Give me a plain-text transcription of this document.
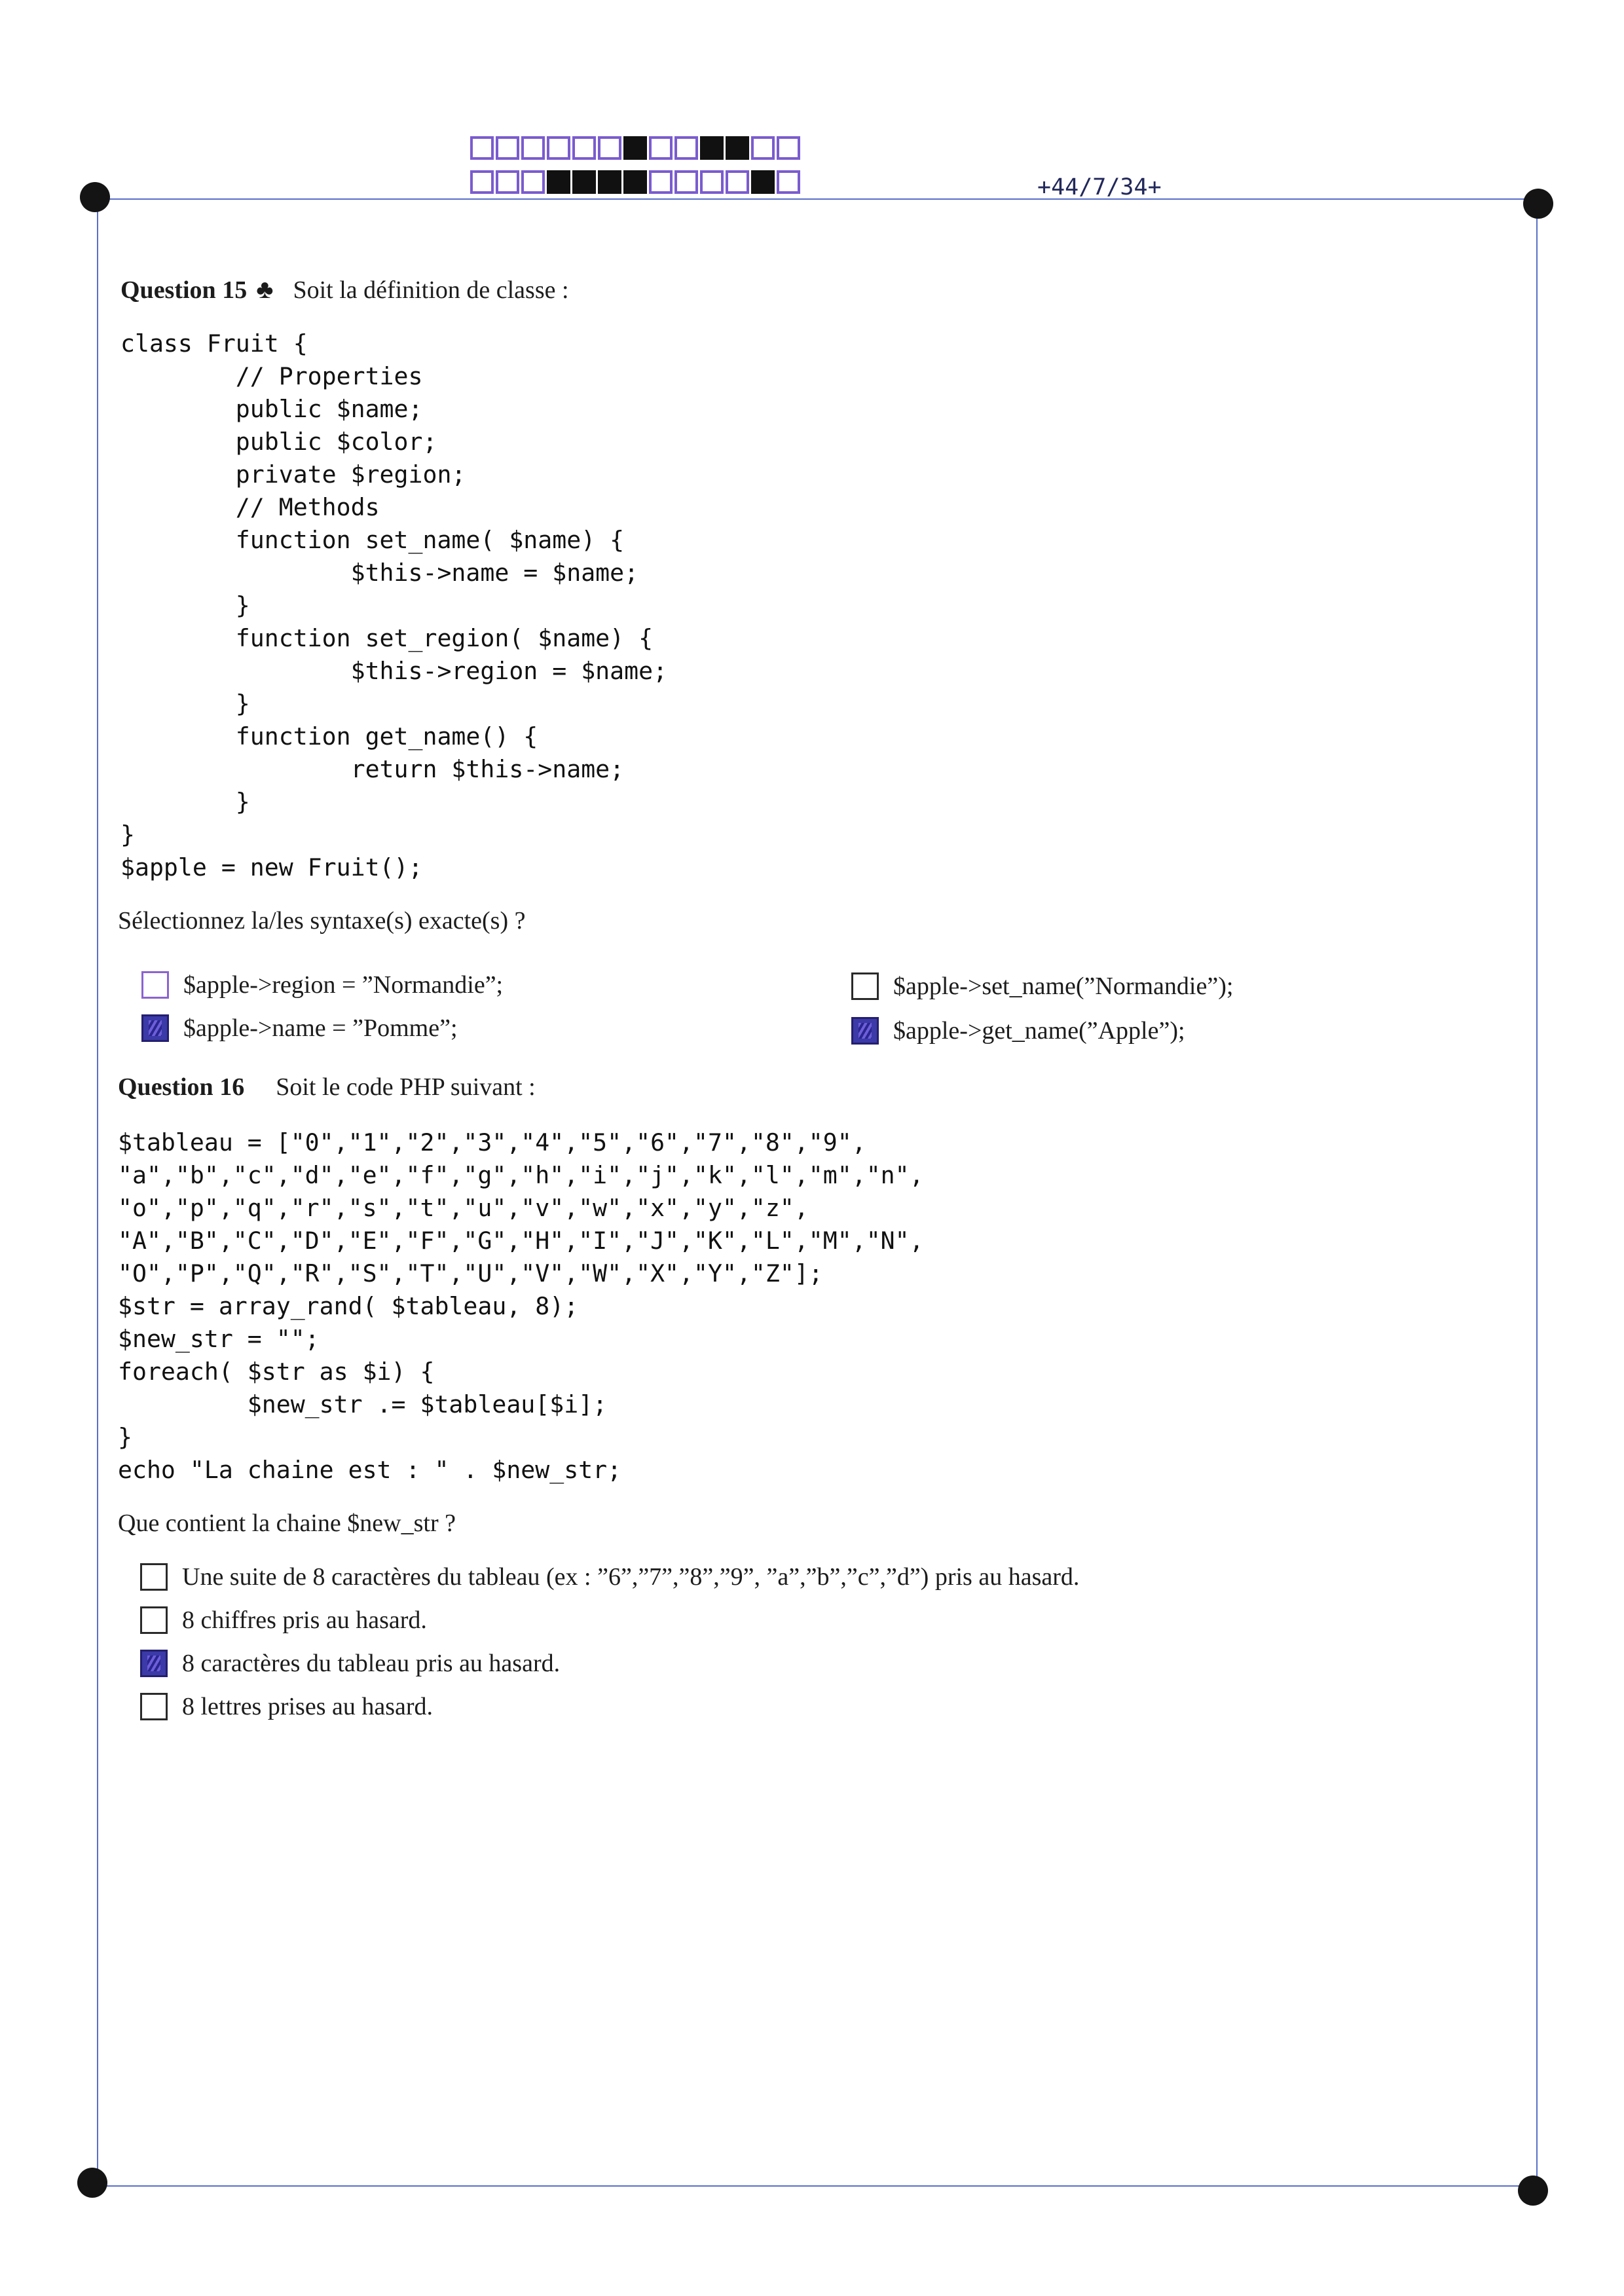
+44/7/34+
Question 15 ♣ Soit la définition de classe :
class Fruit {
// Properties
public $name;
public $color;
private $region;
// Methods
function set_name( $name) {
$this->name = $name;
}
function set_region( $name) {
$this->region = $name;
}
function get_name() {
return $this->name;
}
}
$apple = new Fruit();
Sélectionnez la/les syntaxe(s) exacte(s) ?
$apple->region = ”Normandie”;	$apple->set_name(”Normandie”);
$apple->name = ”Pomme”;	$apple->get_name(”Apple”);
Question 16 Soit le code PHP suivant :
$tableau = ["0","1","2","3","4","5","6","7","8","9",
"a","b","c","d","e","f","g","h","i","j","k","l","m","n",
"o","p","q","r","s","t","u","v","w","x","y","z",
"A","B","C","D","E","F","G","H","I","J","K","L","M","N",
"O","P","Q","R","S","T","U","V","W","X","Y","Z"];
$str = array_rand( $tableau, 8);
$new_str = "";
foreach( $str as $i) {
$new_str .= $tableau[$i];
}
echo "La chaine est : " . $new_str;
Que contient la chaine $new_str ?
Une suite de 8 caractères du tableau (ex : ”6”,”7”,”8”,”9”, ”a”,”b”,”c”,”d”) pris au hasard.
8 chiffres pris au hasard.
8 caractères du tableau pris au hasard.
8 lettres prises au hasard.
